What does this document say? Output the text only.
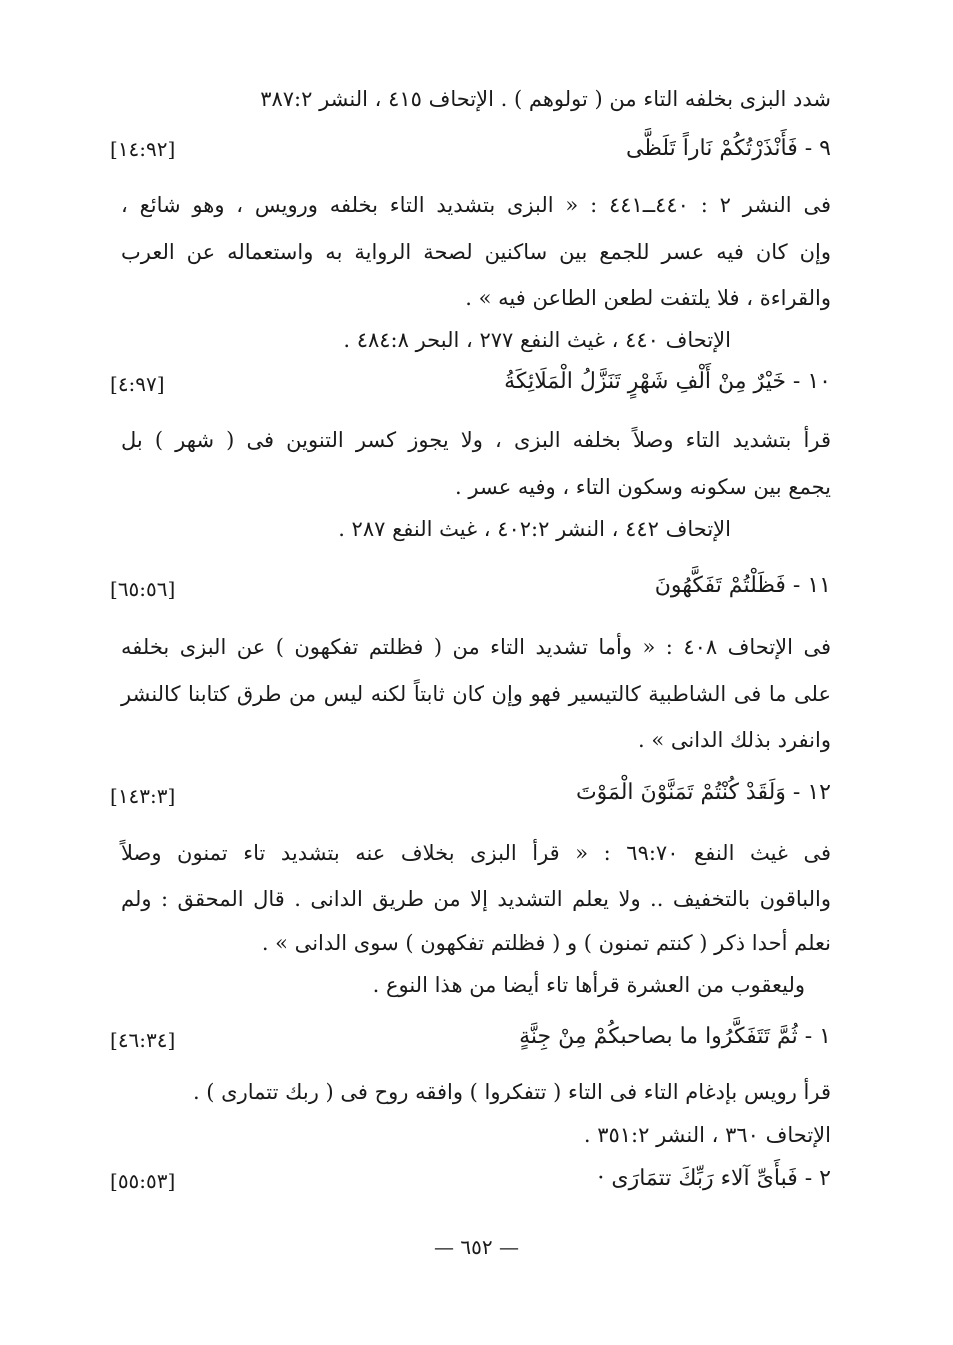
شدد البزى بخلفه التاء من ( تولوهم ) . الإتحاف ٤١٥ ، النشر ٣٨٧:٢
٩ - فَأَنْذَرْتُكُمْ نَاراً تَلَظَّى
[١٤:٩٢]
فى النشر ٢ : ٤٤٠ــ٤٤١ : « البزى بتشديد التاء بخلفه ورويس ، وهو شائع ،
وإن كان فيه عسر للجمع بين ساكنين لصحة الرواية به واستعماله عن العرب
والقراءة ، فلا يلتفت لطعن الطاعن فيه » .
الإتحاف ٤٤٠ ، غيث النفع ٢٧٧ ، البحر ٤٨٤:٨ .
١٠ - خَيْرٌ مِنْ أَلْفِ شَهْرٍ تَنَزَّلُ الْمَلَائِكَةُ
[٤:٩٧]
قرأ بتشديد التاء وصلاً بخلفه البزى ، ولا يجوز كسر التنوين فى ( شهر ) بل
يجمع بين سكونه وسكون التاء ، وفيه عسر .
الإتحاف ٤٤٢ ، النشر ٤٠٢:٢ ، غيث النفع ٢٨٧ .
١١ - فَظَلْتُمْ تَفَكَّهُونَ
[٦٥:٥٦]
فى الإتحاف ٤٠٨ : « وأما تشديد التاء من ( فظلتم تفكهون ) عن البزى بخلفه
على ما فى الشاطبية كالتيسير فهو وإن كان ثابتاً لكنه ليس من طرق كتابنا كالنشر
وانفرد بذلك الدانى » .
١٢ - وَلَقَدْ كُنْتُمْ تَمَنَّوْنَ الْمَوْتَ
[١٤٣:٣]
فى غيث النفع ٦٩:٧٠ : « قرأ البزى بخلاف عنه بتشديد تاء تمنون وصلاً
والباقون بالتخفيف .. ولا يعلم التشديد إلا من طريق الدانى . قال المحقق : ولم
نعلم أحدا ذكر ( كنتم تمنون ) و ( فظلتم تفكهون ) سوى الدانى » .
وليعقوب من العشرة قرأها تاء أيضا من هذا النوع .
١ - ثُمَّ تَتَفَكَّرُوا ما بصاحبكُمْ مِنْ جِنَّةٍ
[٤٦:٣٤]
قرأ رويس بإدغام التاء فى التاء ( تتفكروا ) وافقه روح فى ( ربك تتمارى ) .
الإتحاف ٣٦٠ ، النشر ٣٥١:٢ .
٢ - فَبأَىِّ آلاء رَبِّكَ تتمَارَى ·
[٥٥:٥٣]
— ٦٥٢ —
